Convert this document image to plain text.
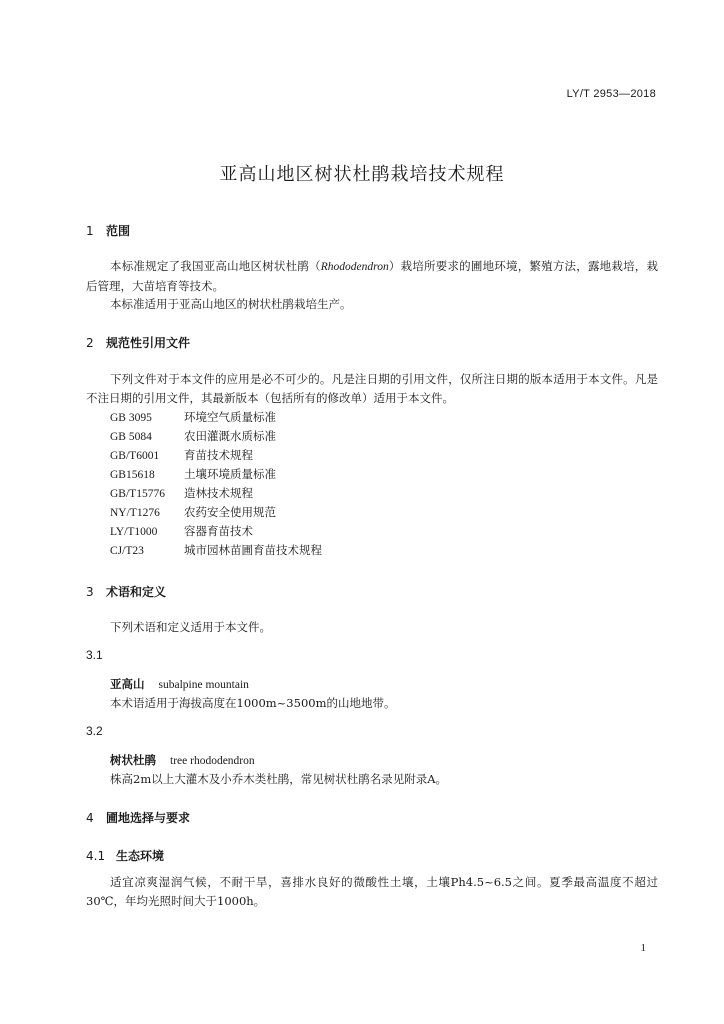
LY/T 2953—2018
亚高山地区树状杜鹃栽培技术规程
1 范围

本标准规定了我国亚高山地区树状杜鹃（Rhododendron）栽培所要求的圃地环境，繁殖方法，露地栽培，栽后管理，大苗培育等技术。

本标准适用于亚高山地区的树状杜鹃栽培生产。

2 规范性引用文件

下列文件对于本文件的应用是必不可少的。凡是注日期的引用文件，仅所注日期的版本适用于本文件。凡是不注日期的引用文件，其最新版本（包括所有的修改单）适用于本文件。

GB 3095	环境空气质量标准
GB 5084	农田灌溉水质标准
GB/T6001 育苗技术规程
GB15618	土壤环境质量标准
GB/T15776 造林技术规程
NY/T1276 农药安全使用规范
LY/T1000 容器育苗技术
CJ/T23	城市园林苗圃育苗技术规程
3 术语和定义
下列术语和定义适用于本文件。
3.1
亚高山 subalpine mountain
本术语适用于海拔高度在1000m~3500m的山地地带。
3.2
树状杜鹃 tree rhododendron
株高2m以上大灌木及小乔木类杜鹃，常见树状杜鹃名录见附录A。
4 圃地选择与要求
4.1 生态环境

适宜凉爽湿润气候，不耐干旱，喜排水良好的微酸性土壤，土壤Ph4.5~6.5之间。夏季最高温度不超过30℃，年均光照时间大于1000h。

1
